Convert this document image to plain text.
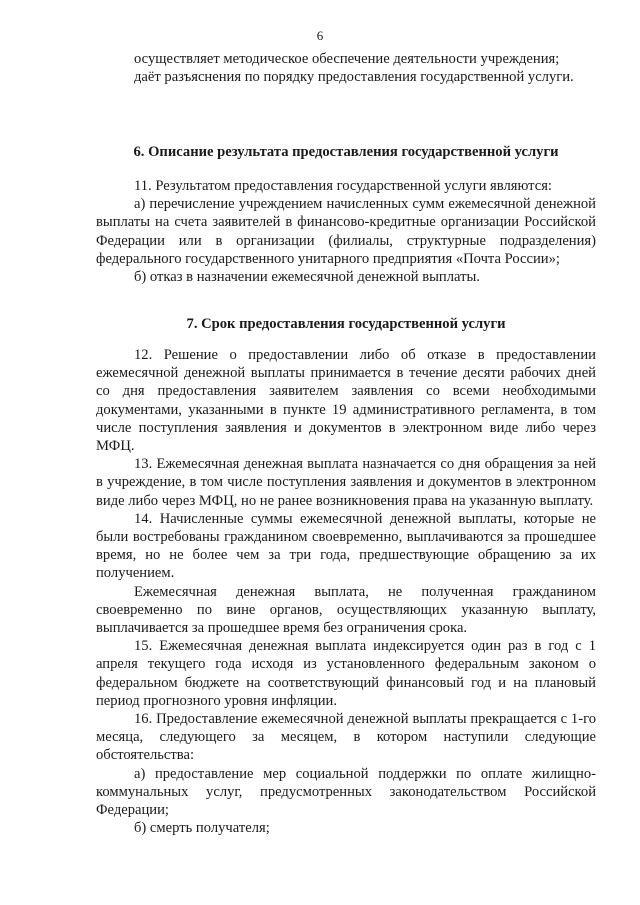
6

осуществляет методическое обеспечение деятельности учреждения;

даёт разъяснения по порядку предоставления государственной услуги.

6. Описание результата предоставления государственной услуги

11. Результатом предоставления государственной услуги являются:

а) перечисление учреждением начисленных сумм ежемесячной денежной выплаты на счета заявителей в финансово-кредитные организации Российской Федерации или в организации (филиалы, структурные подразделения) федерального государственного унитарного предприятия «Почта России»;

б) отказ в назначении ежемесячной денежной выплаты.

7. Срок предоставления государственной услуги

12. Решение о предоставлении либо об отказе в предоставлении ежемесячной денежной выплаты принимается в течение десяти рабочих дней со дня предоставления заявителем заявления со всеми необходимыми документами, указанными в пункте 19 административного регламента, в том числе поступления заявления и документов в электронном виде либо через МФЦ.

13. Ежемесячная денежная выплата назначается со дня обращения за ней в учреждение, в том числе поступления заявления и документов в электронном виде либо через МФЦ, но не ранее возникновения права на указанную выплату.

14. Начисленные суммы ежемесячной денежной выплаты, которые не были востребованы гражданином своевременно, выплачиваются за прошедшее время, но не более чем за три года, предшествующие обращению за их получением.

Ежемесячная денежная выплата, не полученная гражданином своевременно по вине органов, осуществляющих указанную выплату, выплачивается за прошедшее время без ограничения срока.

15. Ежемесячная денежная выплата индексируется один раз в год с 1 апреля текущего года исходя из установленного федеральным законом о федеральном бюджете на соответствующий финансовый год и на плановый период прогнозного уровня инфляции.

16. Предоставление ежемесячной денежной выплаты прекращается с 1-го месяца, следующего за месяцем, в котором наступили следующие обстоятельства:

а) предоставление мер социальной поддержки по оплате жилищно-коммунальных услуг, предусмотренных законодательством Российской Федерации;

б) смерть получателя;
